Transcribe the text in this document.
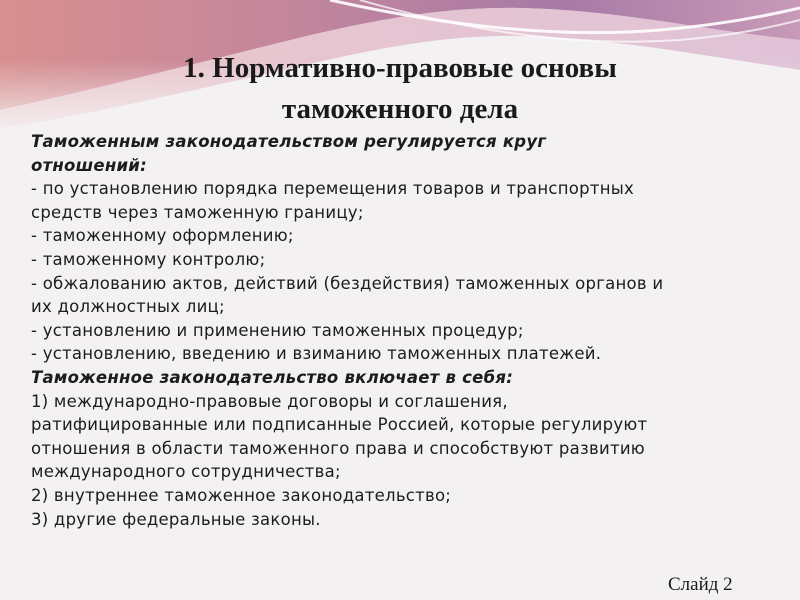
1. Нормативно-правовые основы
таможенного дела
Таможенным законодательством регулируется круг
отношений:
- по установлению порядка перемещения товаров и транспортных
средств через таможенную границу;
- таможенному оформлению;
- таможенному контролю;
- обжалованию актов, действий (бездействия) таможенных органов и
их должностных лиц;
- установлению и применению таможенных процедур;
- установлению, введению и взиманию таможенных платежей.
Таможенное законодательство включает в себя:
1) международно-правовые договоры и соглашения,
ратифицированные или подписанные Россией, которые регулируют
отношения в области таможенного права и способствуют развитию
международного сотрудничества;
2) внутреннее таможенное законодательство;
3) другие федеральные законы.
Слайд 2
